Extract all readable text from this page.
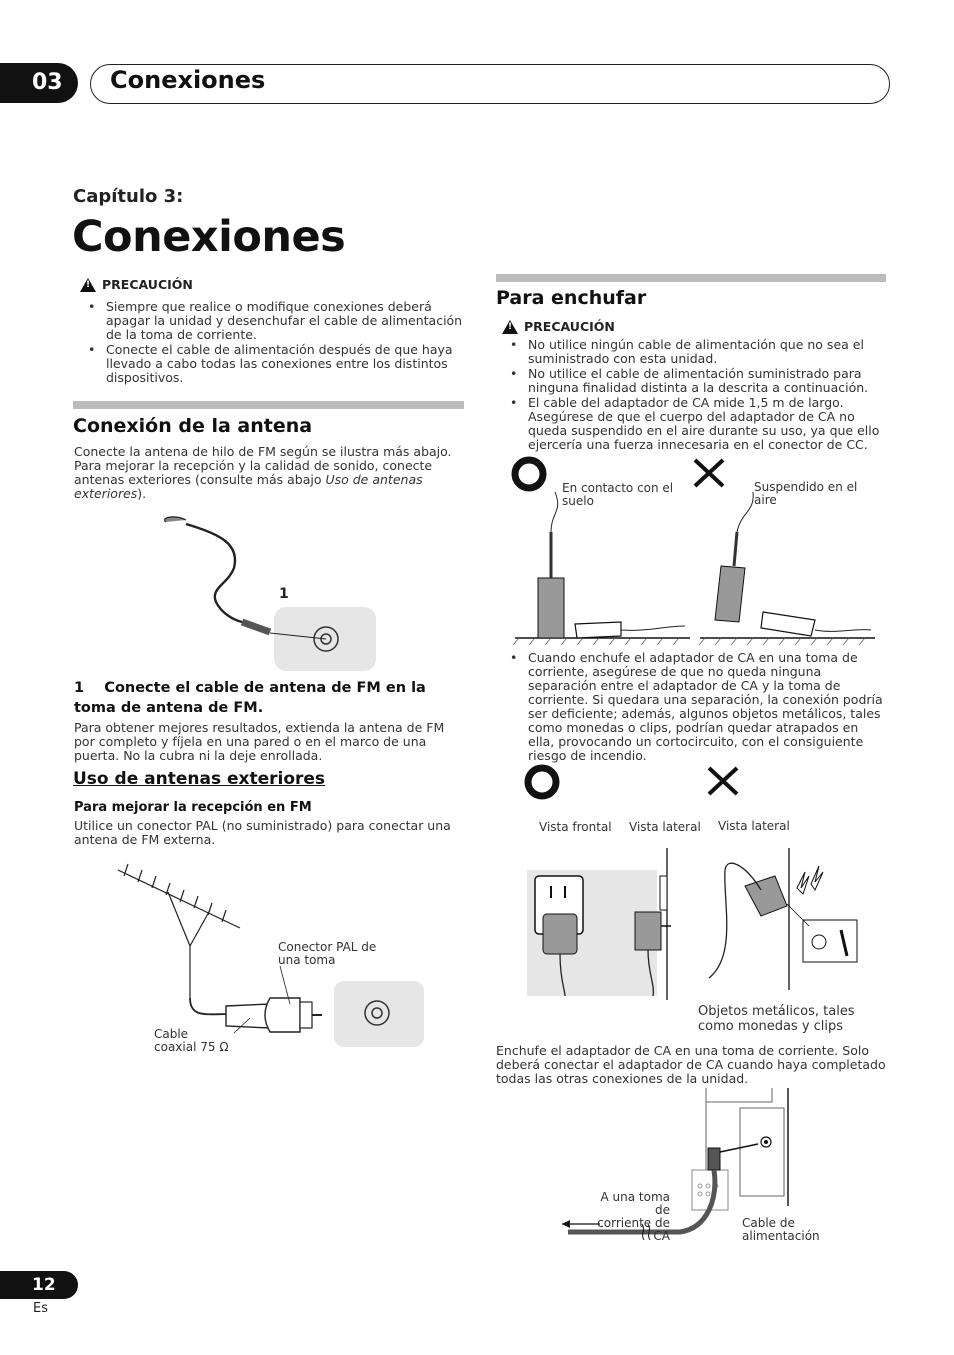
03 Conexiones
Capítulo 3:
Conexiones
!
PRECAUCIÓN
• Siempre que realice o modifique conexiones deberá apagar la unidad y desenchufar el cable de alimentación de la toma de corriente.
• Conecte el cable de alimentación después de que haya llevado a cabo todas las conexiones entre los distintos dispositivos.
Conexión de la antena
Conecte la antena de hilo de FM según se ilustra más abajo. Para mejorar la recepción y la calidad de sonido, conecte antenas exteriores (consulte más abajo Uso de antenas exteriores).
1
1 Conecte el cable de antena de FM en la toma de antena de FM.
Para obtener mejores resultados, extienda la antena de FM por completo y fíjela en una pared o en el marco de una puerta. No la cubra ni la deje enrollada.
Uso de antenas exteriores
Para mejorar la recepción en FM
Utilice un conector PAL (no suministrado) para conectar una antena de FM externa.
Conector PAL de
una toma
Cable
coaxial 75 Ω
Para enchufar
!
PRECAUCIÓN
• No utilice ningún cable de alimentación que no sea el suministrado con esta unidad.
• No utilice el cable de alimentación suministrado para ninguna finalidad distinta a la descrita a continuación.
• El cable del adaptador de CA mide 1,5 m de largo. Asegúrese de que el cuerpo del adaptador de CA no queda suspendido en el aire durante su uso, ya que ello ejercería una fuerza innecesaria en el conector de CC.
En contacto con el
suelo
Suspendido en el
aire
• Cuando enchufe el adaptador de CA en una toma de corriente, asegúrese de que no queda ninguna separación entre el adaptador de CA y la toma de corriente. Si quedara una separación, la conexión podría ser deficiente; además, algunos objetos metálicos, tales como monedas o clips, podrían quedar atrapados en ella, provocando un cortocircuito, con el consiguiente riesgo de incendio.
Vista frontal Vista lateral Vista lateral
Objetos metálicos, tales
como monedas y clips
Enchufe el adaptador de CA en una toma de corriente. Solo deberá conectar el adaptador de CA cuando haya completado todas las otras conexiones de la unidad.
A una toma de
corriente de CA
Cable de
alimentación
12
Es
